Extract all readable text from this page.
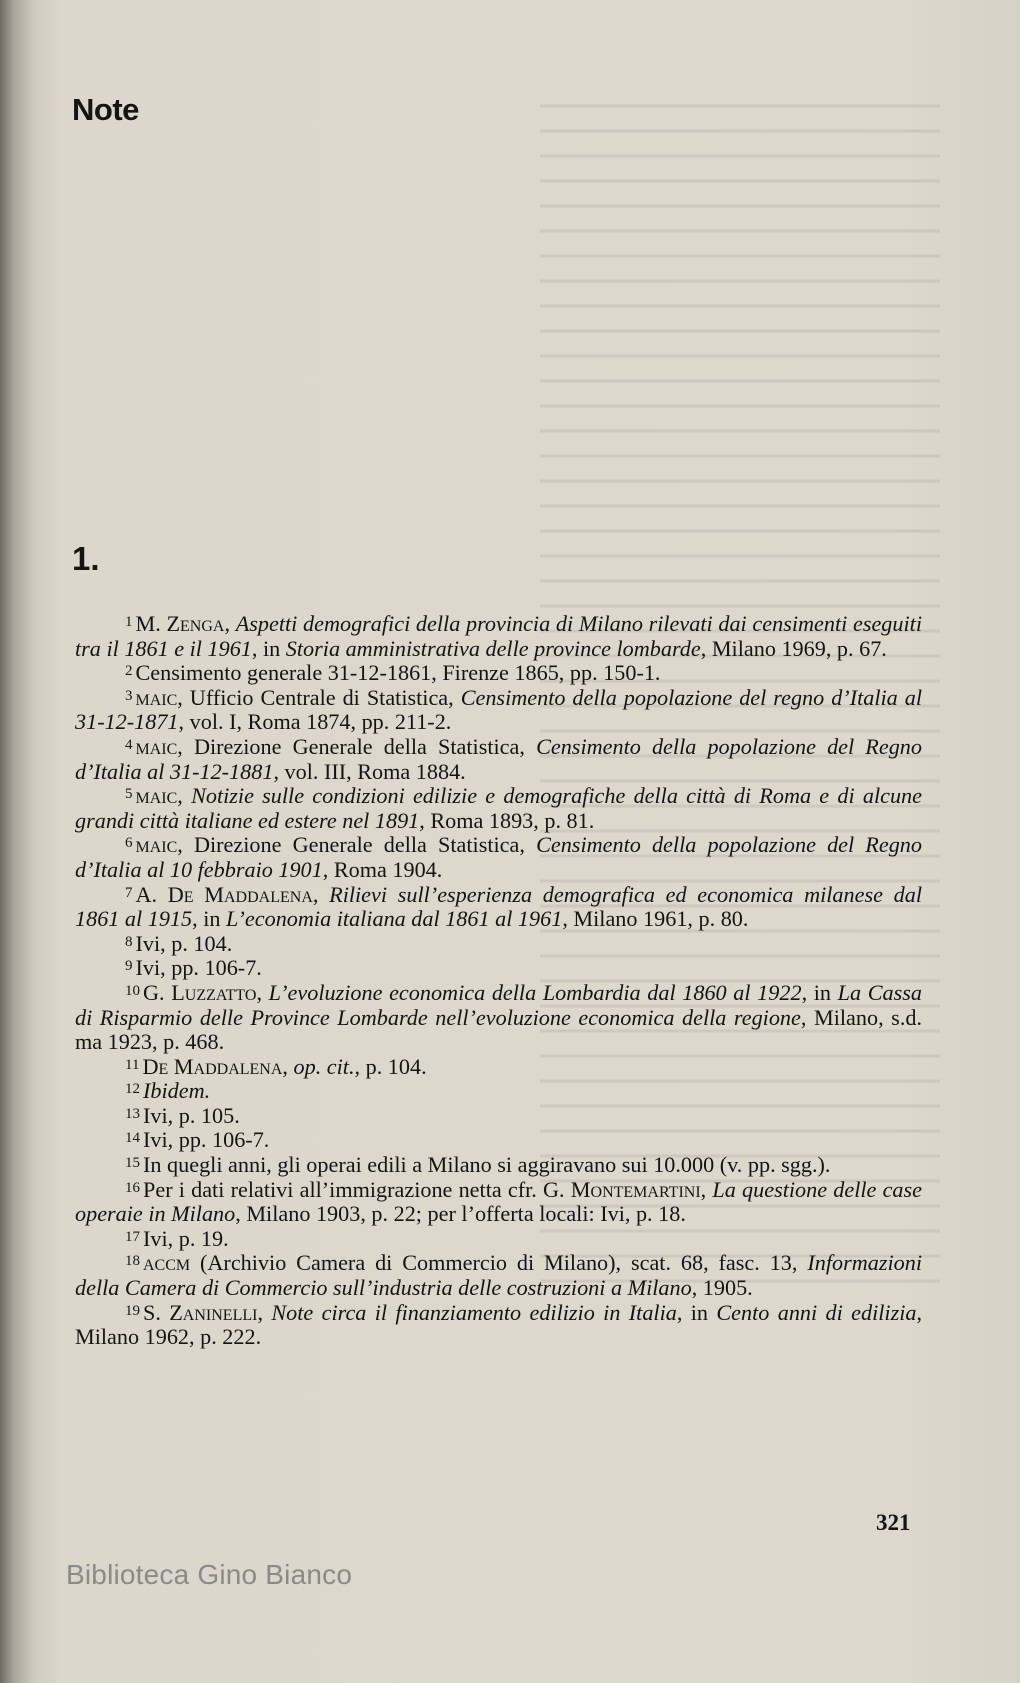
Note
1.

$^1$ M. Zenga, Aspetti demografici della provincia di Milano rilevati dai censimenti eseguiti tra il 1861 e il 1961, in Storia amministrativa delle province lombarde, Milano 1969, p. 67.

$^2$ Censimento generale 31-12-1861, Firenze 1865, pp. 150-1.

$^3$ maic, Ufficio Centrale di Statistica, Censimento della popolazione del regno d’Italia al 31-12-1871, vol. I, Roma 1874, pp. 211-2.

$^4$ maic, Direzione Generale della Statistica, Censimento della popolazione del Regno d’Italia al 31-12-1881, vol. III, Roma 1884.

$^5$ maic, Notizie sulle condizioni edilizie e demografiche della città di Roma e di alcune grandi città italiane ed estere nel 1891, Roma 1893, p. 81.

$^6$ maic, Direzione Generale della Statistica, Censimento della popolazione del Regno d’Italia al 10 febbraio 1901, Roma 1904.

$^7$ A. De Maddalena, Rilievi sull’esperienza demografica ed economica milanese dal 1861 al 1915, in L’economia italiana dal 1861 al 1961, Milano 1961, p. 80.

$^8$ Ivi, p. 104.

$^9$ Ivi, pp. 106-7.

$^{10}$ G. Luzzatto, L’evoluzione economica della Lombardia dal 1860 al 1922, in La Cassa di Risparmio delle Province Lombarde nell’evoluzione economica della regione, Milano, s.d. ma 1923, p. 468.

$^{11}$ De Maddalena, op. cit., p. 104.

$^{12}$ Ibidem.

$^{13}$ Ivi, p. 105.

$^{14}$ Ivi, pp. 106-7.

$^{15}$ In quegli anni, gli operai edili a Milano si aggiravano sui 10.000 (v. pp. sgg.).

$^{16}$ Per i dati relativi all’immigrazione netta cfr. G. Montemartini, La questione delle case operaie in Milano, Milano 1903, p. 22; per l’offerta locali: Ivi, p. 18.

$^{17}$ Ivi, p. 19.

$^{18}$ accm (Archivio Camera di Commercio di Milano), scat. 68, fasc. 13, Informazioni della Camera di Commercio sull’industria delle costruzioni a Milano, 1905.

$^{19}$ S. Zaninelli, Note circa il finanziamento edilizio in Italia, in Cento anni di edilizia, Milano 1962, p. 222.

321
Biblioteca Gino Bianco
